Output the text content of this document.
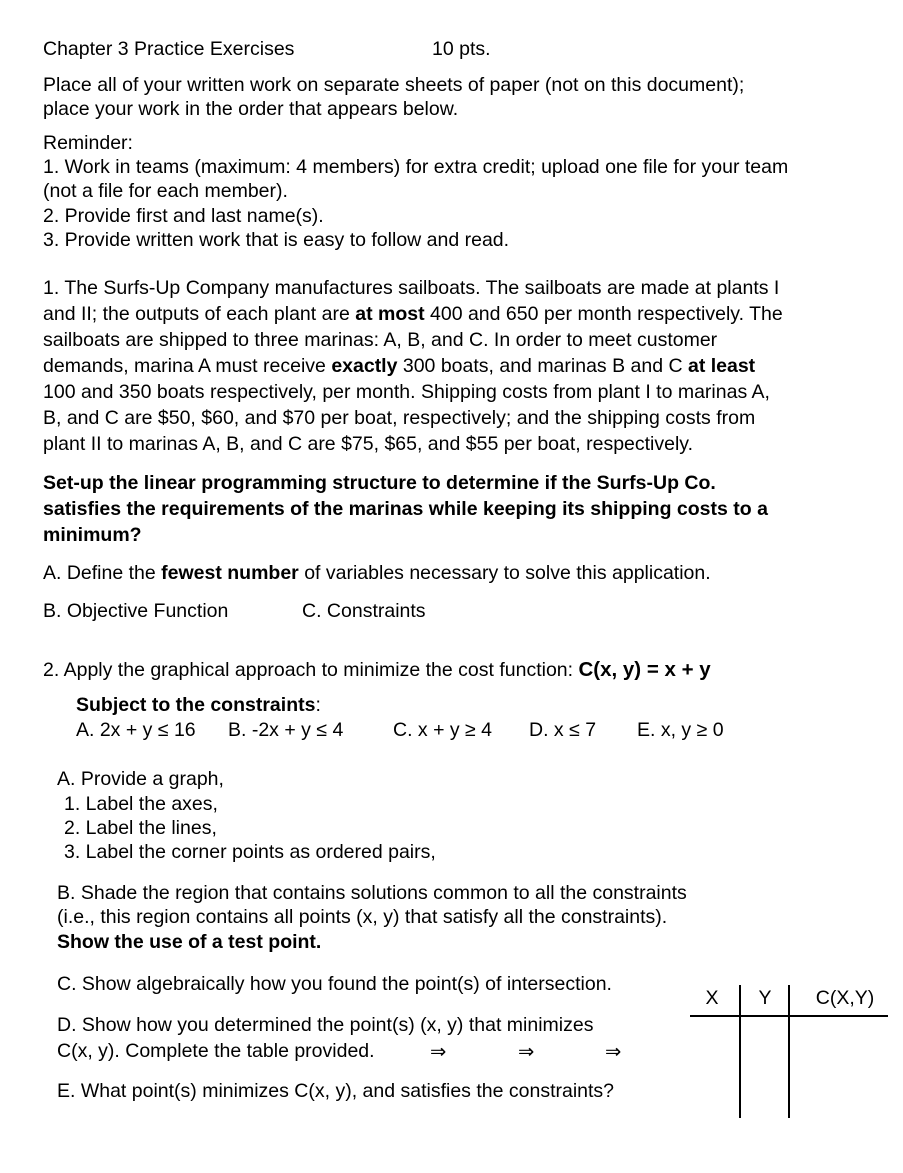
Chapter 3 Practice Exercises	10 pts.
Place all of your written work on separate sheets of paper (not on this document);
place your work in the order that appears below.
Reminder:
1. Work in teams (maximum: 4 members) for extra credit; upload one file for your team
(not a file for each member).
2. Provide first and last name(s).
3. Provide written work that is easy to follow and read.
1. The Surfs-Up Company manufactures sailboats. The sailboats are made at plants I
and II; the outputs of each plant are at most 400 and 650 per month respectively. The
sailboats are shipped to three marinas: A, B, and C. In order to meet customer
demands, marina A must receive exactly 300 boats, and marinas B and C at least
100 and 350 boats respectively, per month. Shipping costs from plant I to marinas A,
B, and C are $50, $60, and $70 per boat, respectively; and the shipping costs from
plant II to marinas A, B, and C are $75, $65, and $55 per boat, respectively.
Set-up the linear programming structure to determine if the Surfs-Up Co.
satisfies the requirements of the marinas while keeping its shipping costs to a
minimum?
A. Define the fewest number of variables necessary to solve this application.
B. Objective Function	C. Constraints
2. Apply the graphical approach to minimize the cost function: C(x, y) = x + y
Subject to the constraints:
A. 2x + y ≤ 16 B. -2x + y ≤ 4	C. x + y ≥ 4 D. x ≤ 7 E. x, y ≥ 0
A. Provide a graph,
1. Label the axes,
2. Label the lines,
3. Label the corner points as ordered pairs,
B. Shade the region that contains solutions common to all the constraints
(i.e., this region contains all points (x, y) that satisfy all the constraints).
Show the use of a test point.
C. Show algebraically how you found the point(s) of intersection.
D. Show how you determined the point(s) (x, y) that minimizes
C(x, y). Complete the table provided.	⇒	⇒	⇒
E. What point(s) minimizes C(x, y), and satisfies the constraints?
X	Y	C(X,Y)
